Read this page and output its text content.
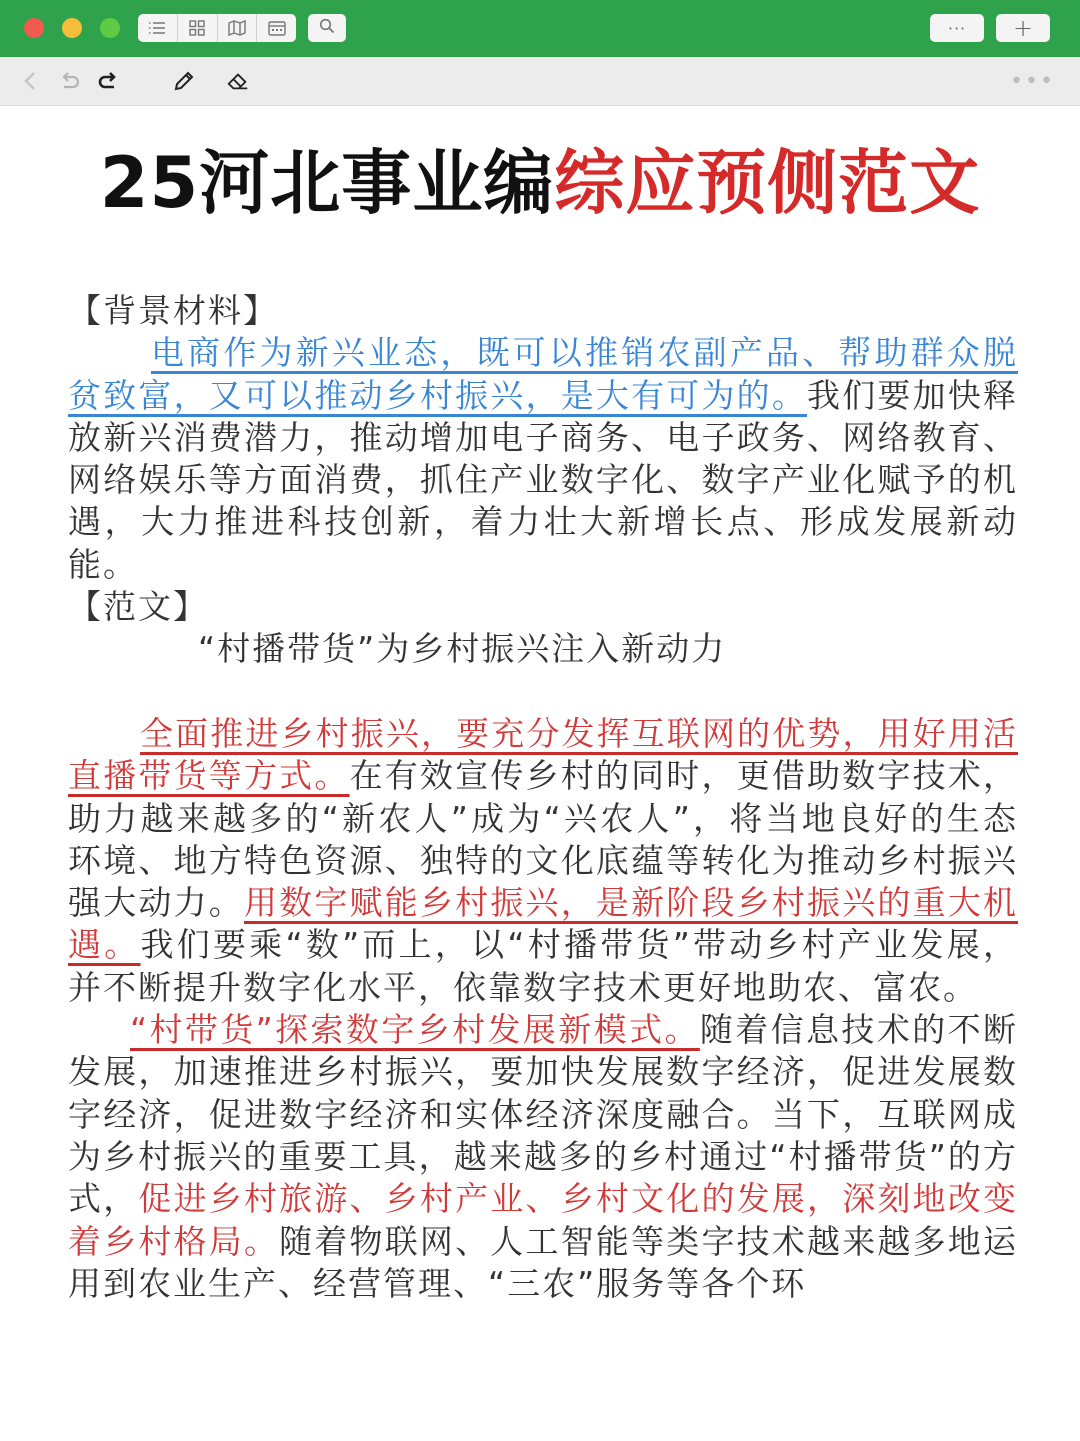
···	+
•••
25河北事业编综应预侧范文

【背景材料】

电商作为新兴业态，既可以推销农副产品、帮助群众脱贫致富，又可以推动乡村振兴，是大有可为的。我们要加快释放新兴消费潜力，推动增加电子商务、电子政务、网络教育、网络娱乐等方面消费，抓住产业数字化、数字产业化赋予的机遇，大力推进科技创新，着力壮大新增长点、形成发展新动能。

【范文】

“村播带货”为乡村振兴注入新动力

全面推进乡村振兴，要充分发挥互联网的优势，用好用活直播带货等方式。在有效宣传乡村的同时，更借助数字技术，助力越来越多的“新农人”成为“兴农人”，将当地良好的生态环境、地方特色资源、独特的文化底蕴等转化为推动乡村振兴强大动力。用数字赋能乡村振兴，是新阶段乡村振兴的重大机遇。我们要乘“数”而上，以“村播带货”带动乡村产业发展，并不断提升数字化水平，依靠数字技术更好地助农、富农。

“村带货”探索数字乡村发展新模式。随着信息技术的不断发展，加速推进乡村振兴，要加快发展数字经济，促进发展数字经济，促进数字经济和实体经济深度融合。当下，互联网成为乡村振兴的重要工具，越来越多的乡村通过“村播带货”的方式，促进乡村旅游、乡村产业、乡村文化的发展，深刻地改变着乡村格局。随着物联网、人工智能等类字技术越来越多地运用到农业生产、经营管理、“三农”服务等各个环
